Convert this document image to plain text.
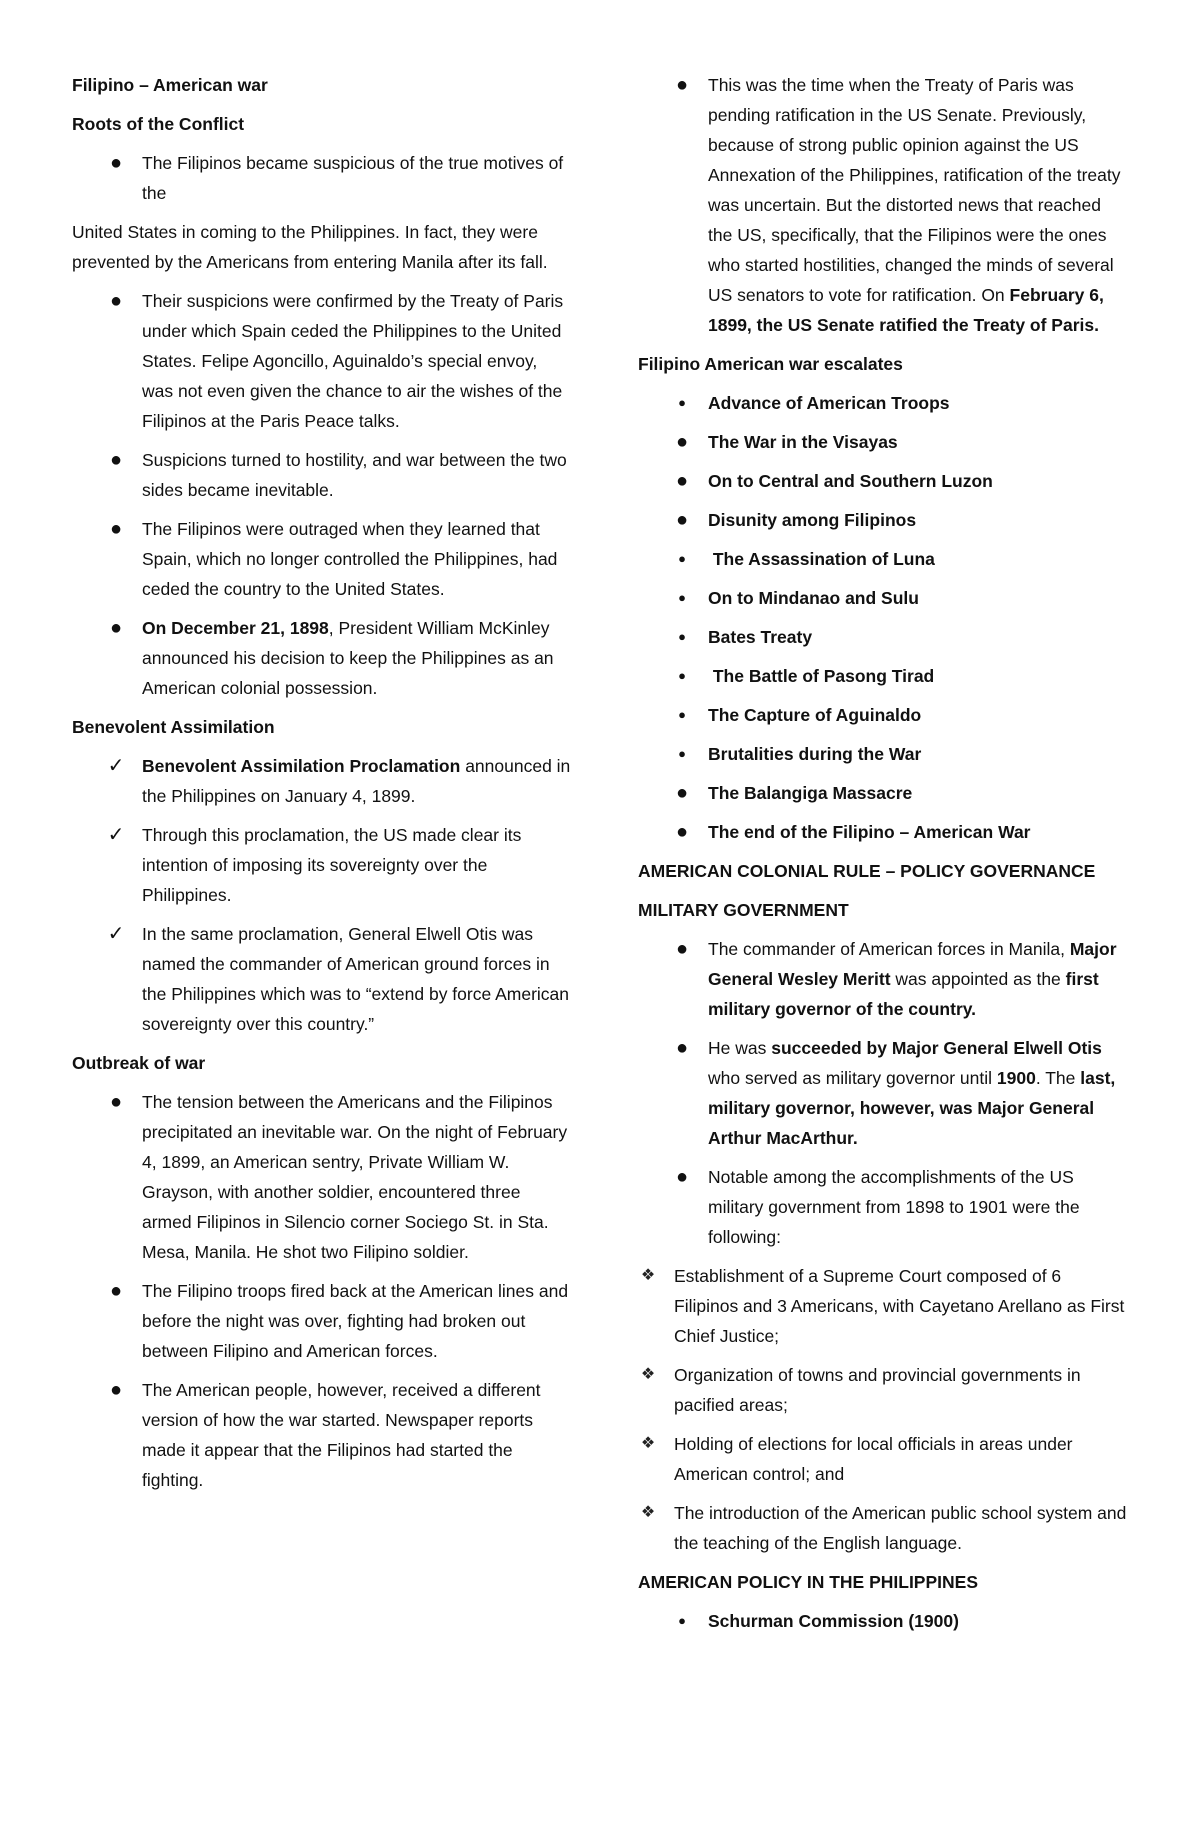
Filipino – American war

Roots of the Conflict

● The Filipinos became suspicious of the true motives of the

United States in coming to the Philippines. In fact, they were prevented by the Americans from entering Manila after its fall.

● Their suspicions were confirmed by the Treaty of Paris under which Spain ceded the Philippines to the United States. Felipe Agoncillo, Aguinaldo’s special envoy, was not even given the chance to air the wishes of the Filipinos at the Paris Peace talks.
● Suspicions turned to hostility, and war between the two sides became inevitable.
● The Filipinos were outraged when they learned that Spain, which no longer controlled the Philippines, had ceded the country to the United States.
● On December 21, 1898, President William McKinley announced his decision to keep the Philippines as an American colonial possession.

Benevolent Assimilation

✓ Benevolent Assimilation Proclamation announced in the Philippines on January 4, 1899.
✓ Through this proclamation, the US made clear its intention of imposing its sovereignty over the Philippines.
✓ In the same proclamation, General Elwell Otis was named the commander of American ground forces in the Philippines which was to “extend by force American sovereignty over this country.”

Outbreak of war

● The tension between the Americans and the Filipinos precipitated an inevitable war. On the night of February 4, 1899, an American sentry, Private William W. Grayson, with another soldier, encountered three armed Filipinos in Silencio corner Sociego St. in Sta. Mesa, Manila. He shot two Filipino soldier.
● The Filipino troops fired back at the American lines and before the night was over, fighting had broken out between Filipino and American forces.
● The American people, however, received a different version of how the war started. Newspaper reports made it appear that the Filipinos had started the fighting.
● This was the time when the Treaty of Paris was pending ratification in the US Senate. Previously, because of strong public opinion against the US Annexation of the Philippines, ratification of the treaty was uncertain. But the distorted news that reached the US, specifically, that the Filipinos were the ones who started hostilities, changed the minds of several US senators to vote for ratification. On February 6, 1899, the US Senate ratified the Treaty of Paris.

Filipino American war escalates

●	Advance of American Troops
● The War in the Visayas
● On to Central and Southern Luzon
● Disunity among Filipinos
●	The Assassination of Luna
●	On to Mindanao and Sulu
●	Bates Treaty
●	The Battle of Pasong Tirad
●	The Capture of Aguinaldo
●	Brutalities during the War
● The Balangiga Massacre
● The end of the Filipino – American War

AMERICAN COLONIAL RULE – POLICY GOVERNANCE

MILITARY GOVERNMENT

● The commander of American forces in Manila, Major General Wesley Meritt was appointed as the first military governor of the country.
● He was succeeded by Major General Elwell Otis who served as military governor until 1900. The last, military governor, however, was Major General Arthur MacArthur.
● Notable among the accomplishments of the US military government from 1898 to 1901 were the following:
❖ Establishment of a Supreme Court composed of 6 Filipinos and 3 Americans, with Cayetano Arellano as First Chief Justice;
❖ Organization of towns and provincial governments in pacified areas;
❖ Holding of elections for local officials in areas under American control; and
❖ The introduction of the American public school system and the teaching of the English language.

AMERICAN POLICY IN THE PHILIPPINES

●	Schurman Commission (1900)
